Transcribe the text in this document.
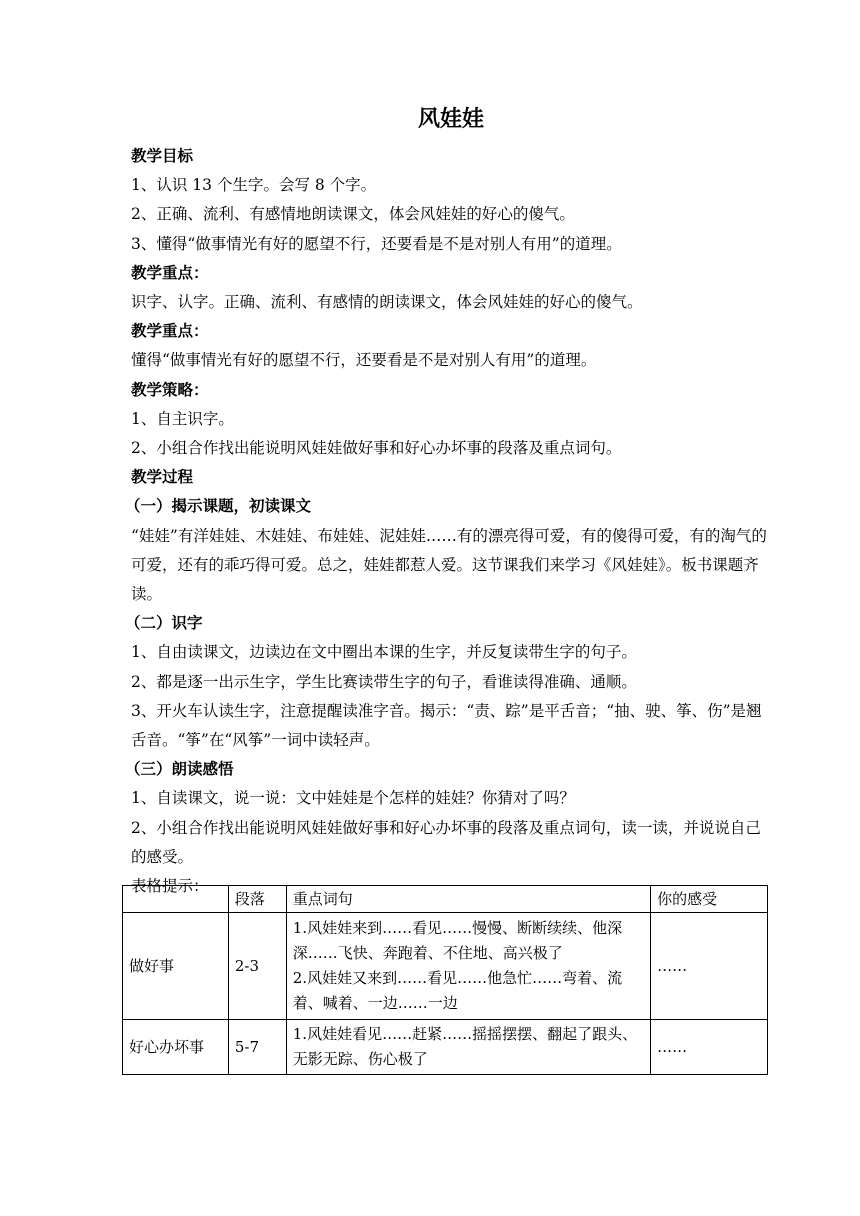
风娃娃
教学目标

1、认识 13 个生字。会写 8 个字。

2、正确、流利、有感情地朗读课文，体会风娃娃的好心的傻气。

3、懂得“做事情光有好的愿望不行，还要看是不是对别人有用”的道理。

教学重点：

识字、认字。正确、流利、有感情的朗读课文，体会风娃娃的好心的傻气。

教学重点：

懂得“做事情光有好的愿望不行，还要看是不是对别人有用”的道理。

教学策略：

1、自主识字。

2、小组合作找出能说明风娃娃做好事和好心办坏事的段落及重点词句。

教学过程
（一）揭示课题，初读课文

“娃娃”有洋娃娃、木娃娃、布娃娃、泥娃娃……有的漂亮得可爱，有的傻得可爱，有的淘气的可爱，还有的乖巧得可爱。总之，娃娃都惹人爱。这节课我们来学习《风娃娃》。板书课题齐读。

（二）识字

1、自由读课文，边读边在文中圈出本课的生字，并反复读带生字的句子。

2、都是逐一出示生字，学生比赛读带生字的句子，看谁读得准确、通顺。

3、开火车认读生字，注意提醒读准字音。揭示：“责、踪”是平舌音；“抽、驶、筝、伤”是翘舌音。“筝”在“风筝”一词中读轻声。

（三）朗读感悟

1、自读课文，说一说：文中娃娃是个怎样的娃娃？你猜对了吗？

2、小组合作找出能说明风娃娃做好事和好心办坏事的段落及重点词句，读一读，并说说自己的感受。

表格提示：

	段落	重点词句	你的感受
做好事	2-3	1.风娃娃来到……看见……慢慢、断断续续、他深深……飞快、奔跑着、不住地、高兴极了
2.风娃娃又来到……看见……他急忙……弯着、流着、喊着、一边……一边	……
好心办坏事	5-7	1.风娃娃看见……赶紧……摇摇摆摆、翻起了跟头、无影无踪、伤心极了	……
